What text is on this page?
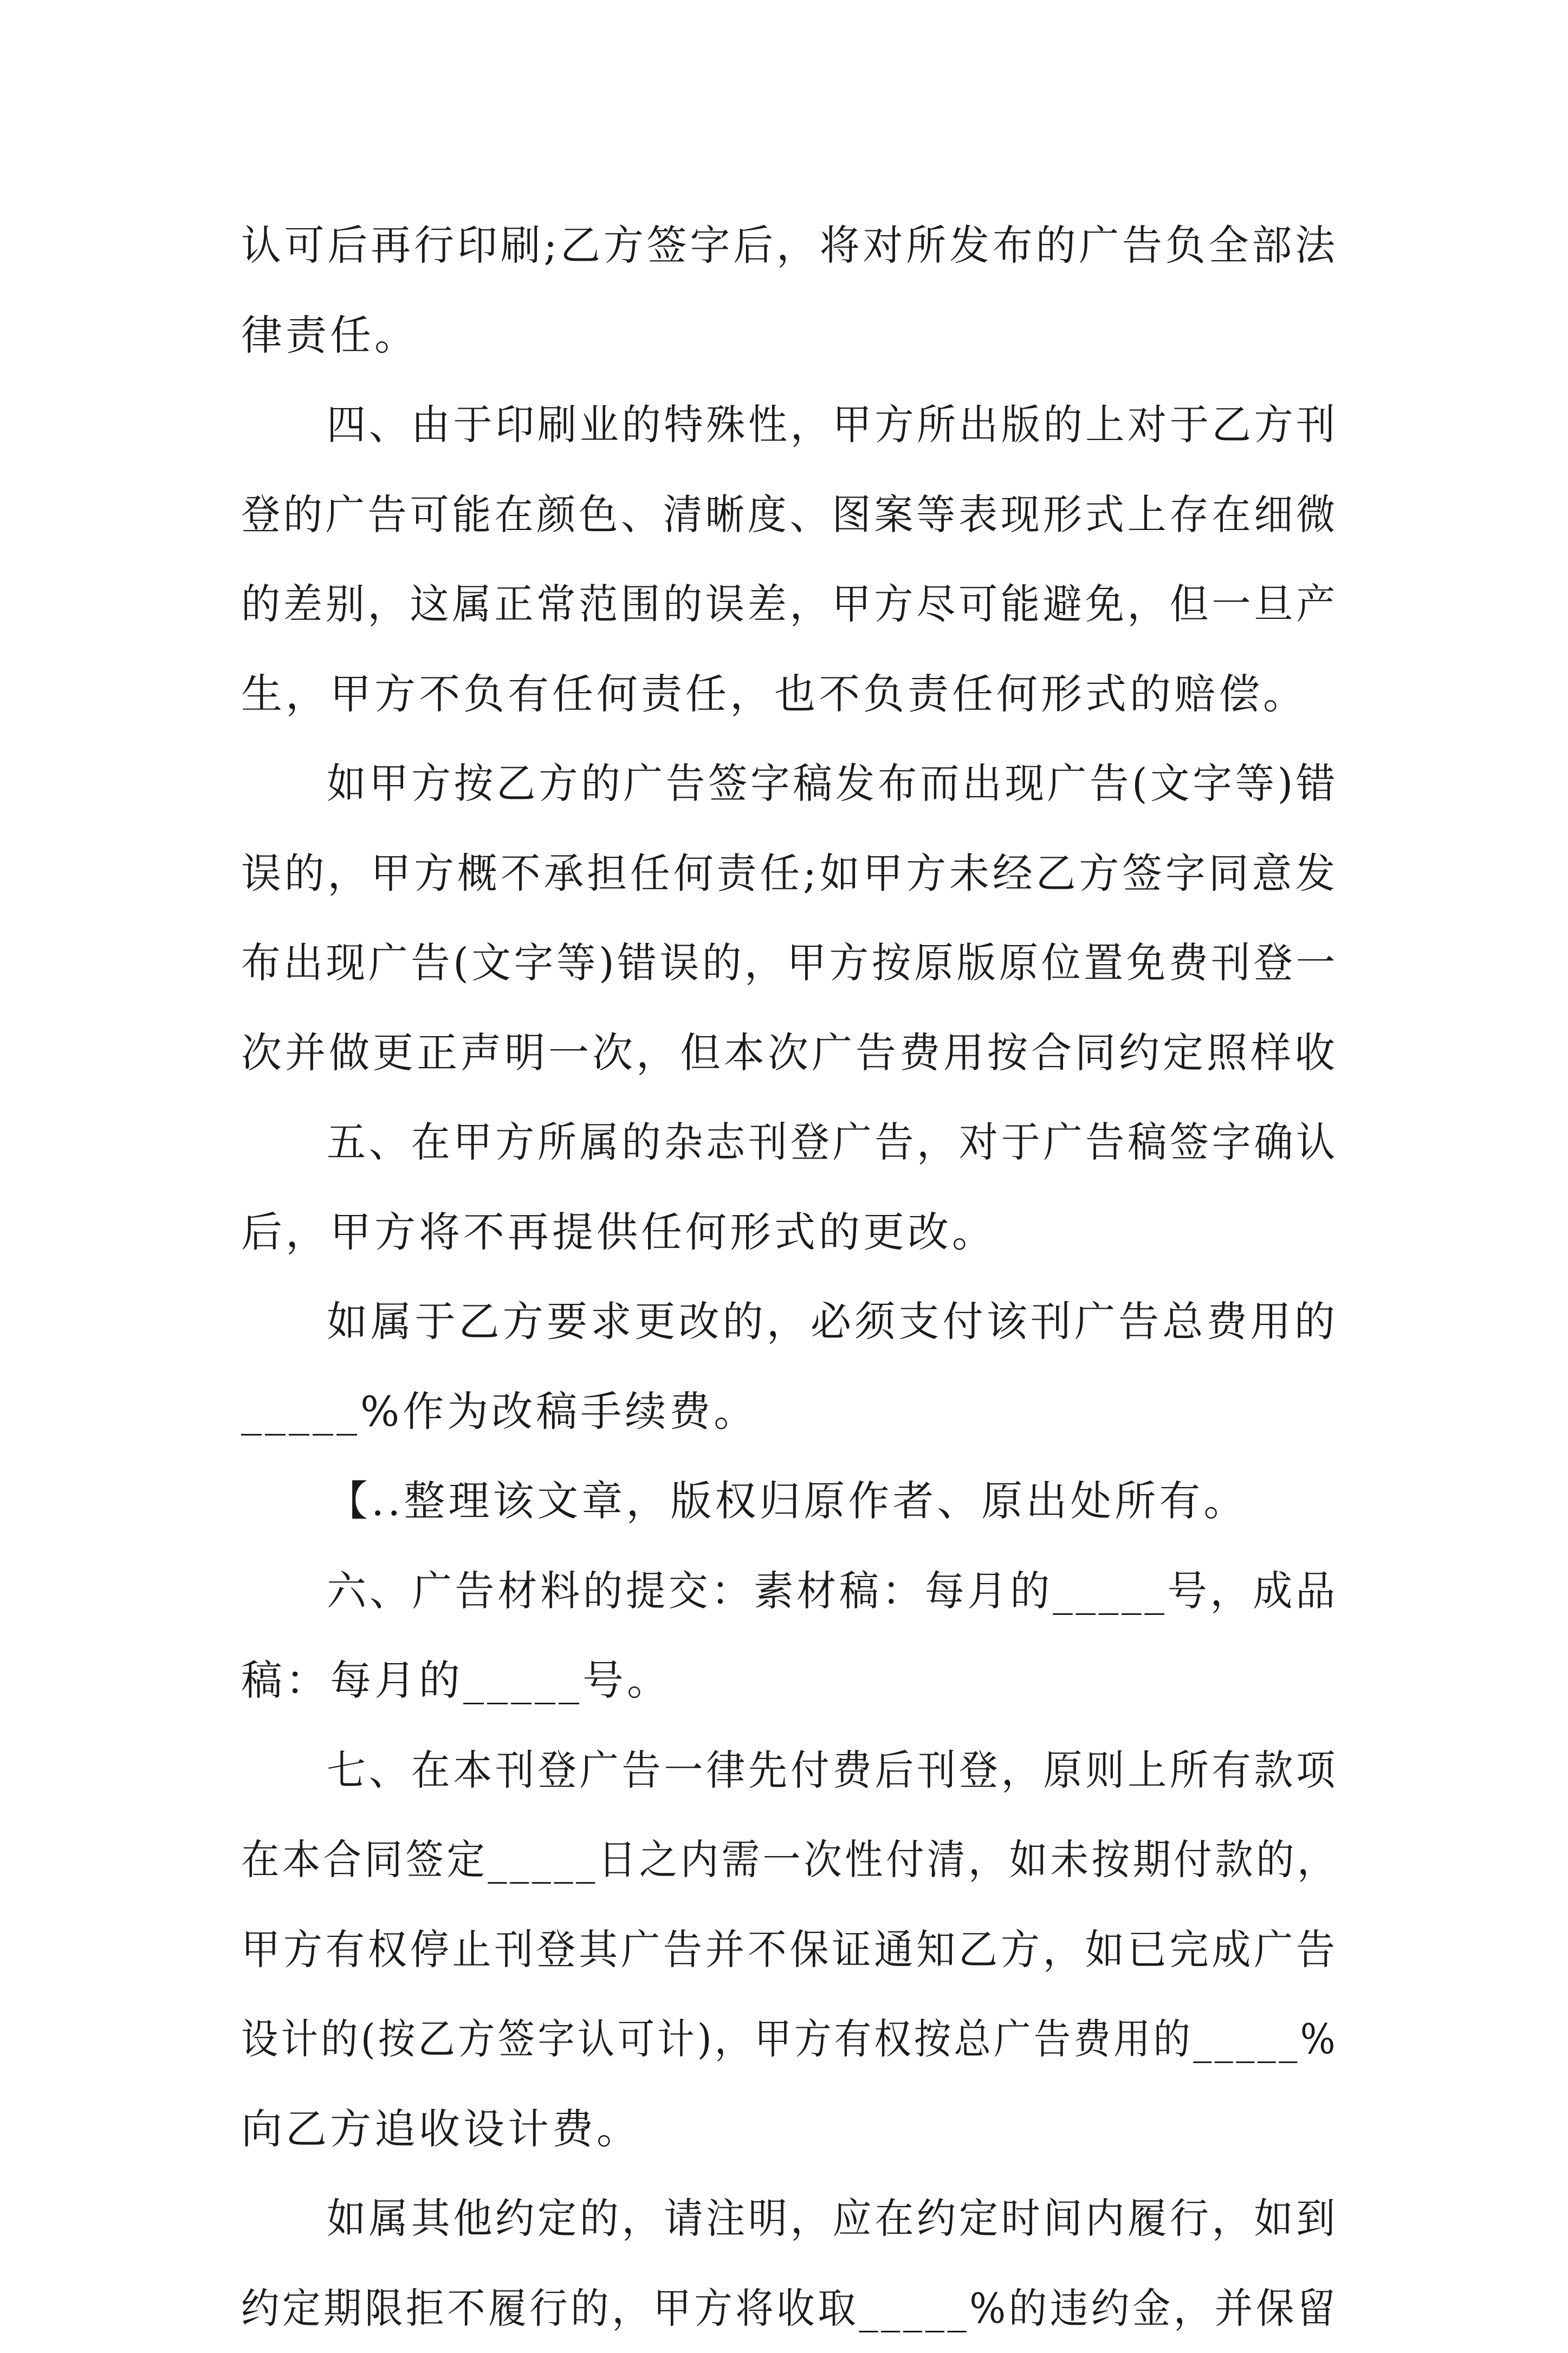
认可后再行印刷;乙方签字后，将对所发布的广告负全部法
律责任。
四、由于印刷业的特殊性，甲方所出版的上对于乙方刊
登的广告可能在颜色、清晰度、图案等表现形式上存在细微
的差别，这属正常范围的误差，甲方尽可能避免，但一旦产
生，甲方不负有任何责任，也不负责任何形式的赔偿。
如甲方按乙方的广告签字稿发布而出现广告(文字等)错
误的，甲方概不承担任何责任;如甲方未经乙方签字同意发
布出现广告(文字等)错误的，甲方按原版原位置免费刊登一
次并做更正声明一次，但本次广告费用按合同约定照样收
五、在甲方所属的杂志刊登广告，对于广告稿签字确认
后，甲方将不再提供任何形式的更改。
如属于乙方要求更改的，必须支付该刊广告总费用的
_____%作为改稿手续费。
【..整理该文章，版权归原作者、原出处所有。
六、广告材料的提交：素材稿：每月的_____号，成品
稿：每月的_____号。
七、在本刊登广告一律先付费后刊登，原则上所有款项
在本合同签定_____日之内需一次性付清，如未按期付款的，
甲方有权停止刊登其广告并不保证通知乙方，如已完成广告
设计的(按乙方签字认可计)，甲方有权按总广告费用的_____%
向乙方追收设计费。
如属其他约定的，请注明，应在约定时间内履行，如到
约定期限拒不履行的，甲方将收取_____%的违约金，并保留
